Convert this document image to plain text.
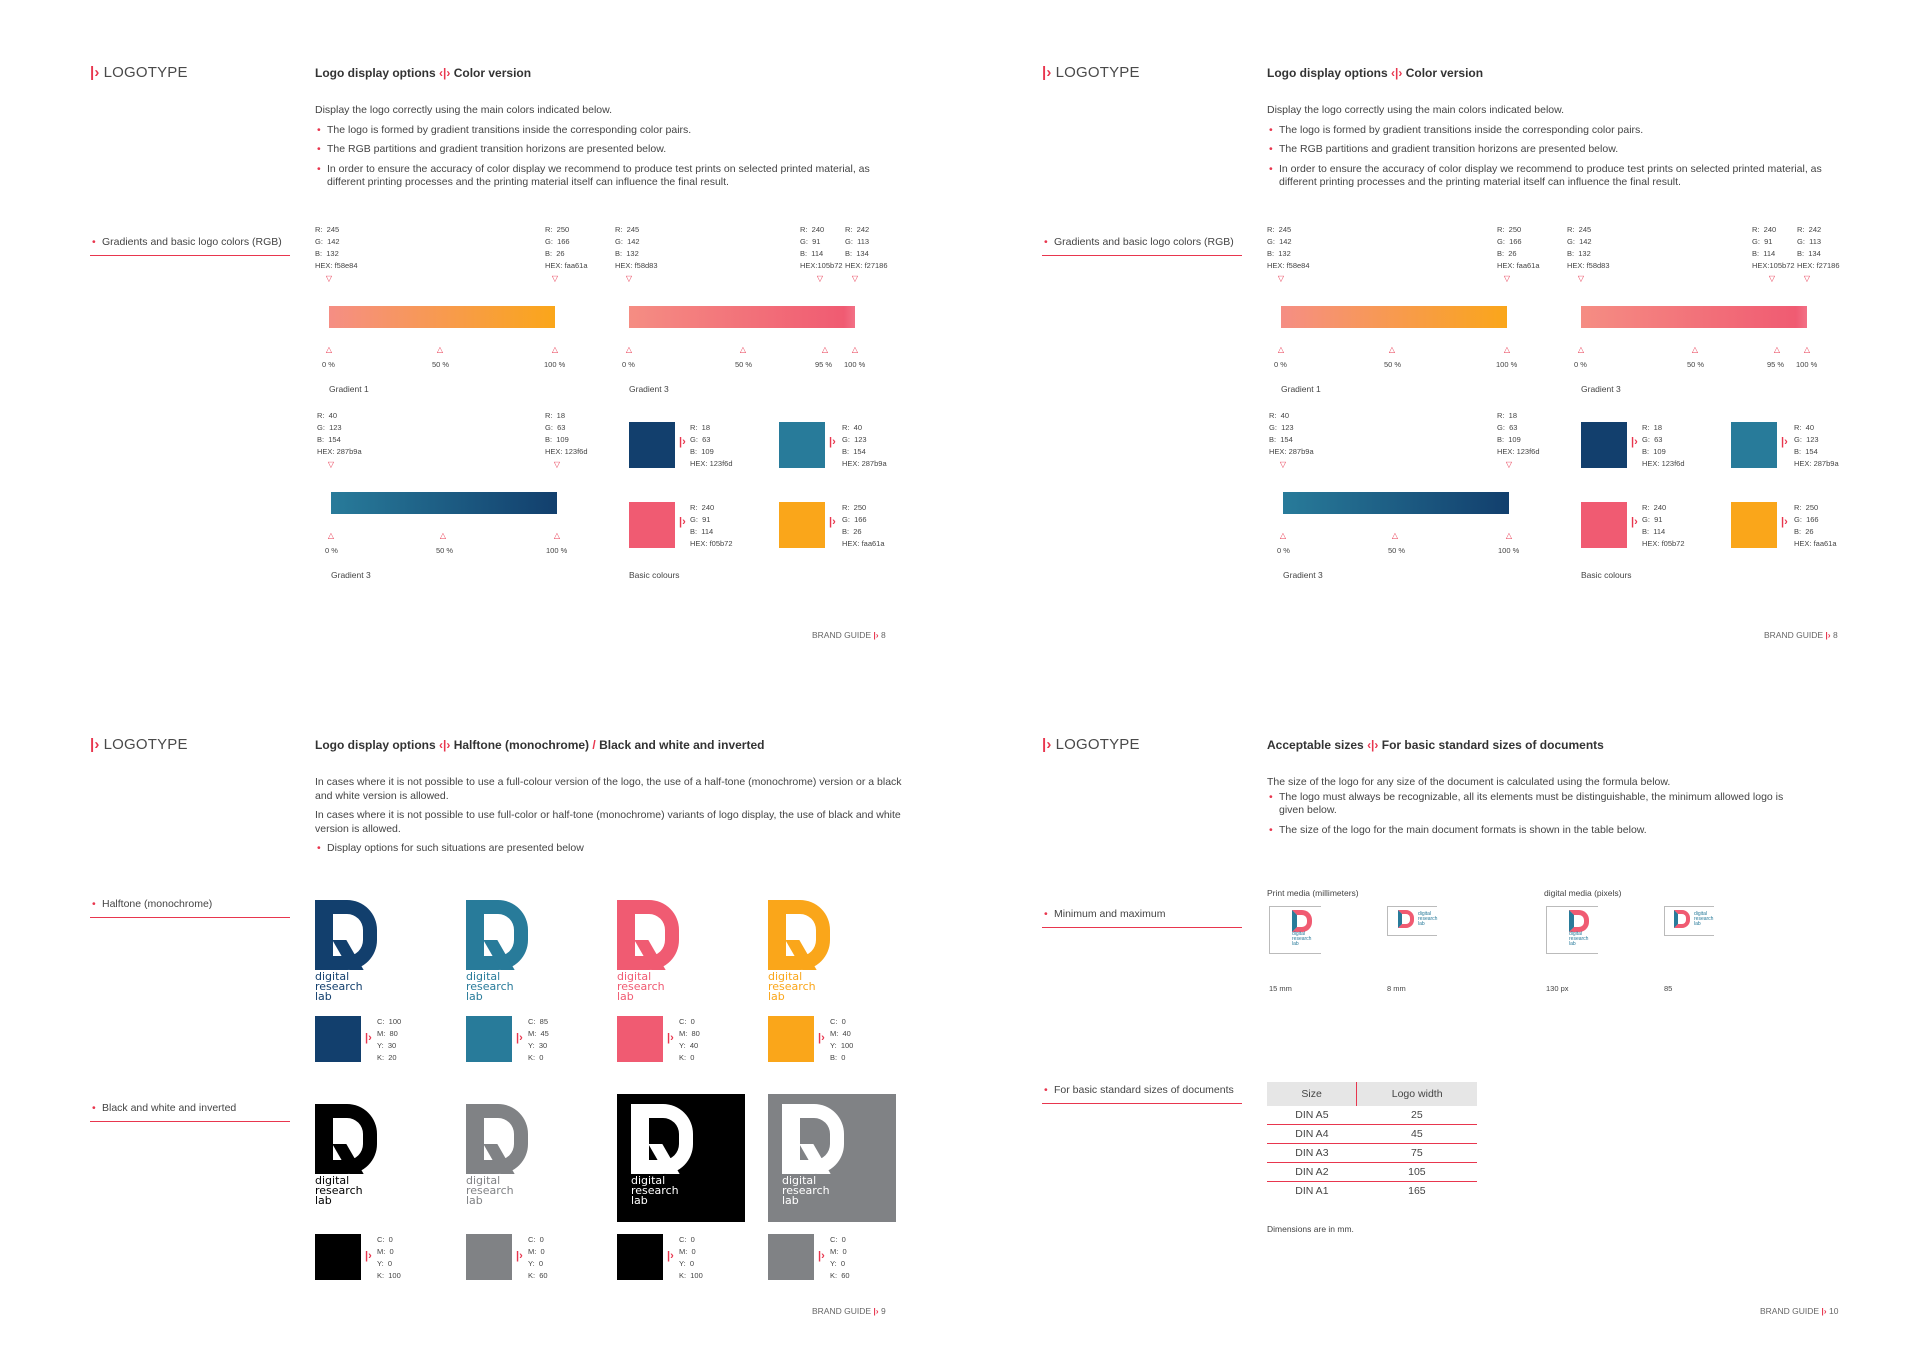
|› LOGOTYPE	Logo display options ‹|› Color version

Display the logo correctly using the main colors indicated below.

• The logo is formed by gradient transitions inside the corresponding color pairs.
• The RGB partitions and gradient transition horizons are presented below.
• In order to ensure the accuracy of color display we recommend to produce test prints on selected printed material, as different printing processes and the printing material itself can influence the final result.
• Gradients and basic logo colors (RGB)
R:  245
G:  142
B:  132
HEX: f58e84
R:  250
G:  166
B:  26
HEX: faa61a
▽	▽
△	△	△
0 %	50 %	100 %
Gradient 1
R:  245
G:  142
B:  132
HEX: f58d83
R:  240
G:  91
B:  114
HEX:105b72
R:  242
G:  113
B:  134
HEX: f27186
▽	▽	▽
△	△	△	△
0 %	50 %	95 % 100 %
Gradient 3
R:  40
G:  123
B:  154
HEX: 287b9a
R:  18
G:  63
B:  109
HEX: 123f6d
▽	▽
△	△	△
0 %	50 %	100 %
Gradient 3
|›
R:  18
G:  63
B:  109
HEX: 123f6d
|›
R:  40
G:  123
B:  154
HEX: 287b9a
|›
R:  240
G:  91
B:  114
HEX: f05b72
|›
R:  250
G:  166
B:  26
HEX: faa61a
Basic colours
BRAND GUIDE |› 8
|› LOGOTYPE	Logo display options ‹|› Color version

Display the logo correctly using the main colors indicated below.

• The logo is formed by gradient transitions inside the corresponding color pairs.
• The RGB partitions and gradient transition horizons are presented below.
• In order to ensure the accuracy of color display we recommend to produce test prints on selected printed material, as different printing processes and the printing material itself can influence the final result.
• Gradients and basic logo colors (RGB)
R:  245
G:  142
B:  132
HEX: f58e84
R:  250
G:  166
B:  26
HEX: faa61a
▽	▽
△	△	△
0 %	50 %	100 %
Gradient 1
R:  245
G:  142
B:  132
HEX: f58d83
R:  240
G:  91
B:  114
HEX:105b72
R:  242
G:  113
B:  134
HEX: f27186
▽	▽	▽
△	△	△	△
0 %	50 %	95 % 100 %
Gradient 3
R:  40
G:  123
B:  154
HEX: 287b9a
R:  18
G:  63
B:  109
HEX: 123f6d
▽	▽
△	△	△
0 %	50 %	100 %
Gradient 3
|›
R:  18
G:  63
B:  109
HEX: 123f6d
|›
R:  40
G:  123
B:  154
HEX: 287b9a
|›
R:  240
G:  91
B:  114
HEX: f05b72
|›
R:  250
G:  166
B:  26
HEX: faa61a
Basic colours
BRAND GUIDE |› 8
|› LOGOTYPE	Logo display options ‹|› Halftone (monochrome) / Black and white and inverted

In cases where it is not possible to use a full-colour version of the logo, the use of a half-tone (monochrome) version or a black and white version is allowed.

In cases where it is not possible to use full-color or half-tone (monochrome) variants of logo display, the use of black and white version is allowed.

• Display options for such situations are presented below
• Halftone (monochrome)
• Black and white and inverted
digital
research
lab
digital
research
lab
digital
research
lab
digital
research
lab
|›
C:  100
M:  80
Y:  30
K:  20
|›
C:  85
M:  45
Y:  30
K:  0
|›
C:  0
M:  80
Y:  40
K:  0
|›
C:  0
M:  40
Y:  100
B:  0
digital
research
lab
digital
research
lab
digital
research
lab
digital
research
lab
|›
C:  0
M:  0
Y:  0
K:  100
|›
C:  0
M:  0
Y:  0
K:  60
|›
C:  0
M:  0
Y:  0
K:  100
|›
C:  0
M:  0
Y:  0
K:  60
BRAND GUIDE |› 9
|› LOGOTYPE	Acceptable sizes ‹|› For basic standard sizes of documents

The size of the logo for any size of the document is calculated using the formula below.

• The logo must always be recognizable, all its elements must be distinguishable, the minimum allowed logo is given below.
• The size of the logo for the main document formats is shown in the table below.
• Minimum and maximum
• For basic standard sizes of documents
Print media (millimeters)	digital media (pixels)
digital
research
lab
15 mm
digital
research
lab
8 mm
digital
research
lab
130 px
digital
research
lab
85
Size	Logo width
DIN A5	25
DIN A4	45
DIN A3	75
DIN A2	105
DIN A1	165
Dimensions are in mm.
BRAND GUIDE |› 10
